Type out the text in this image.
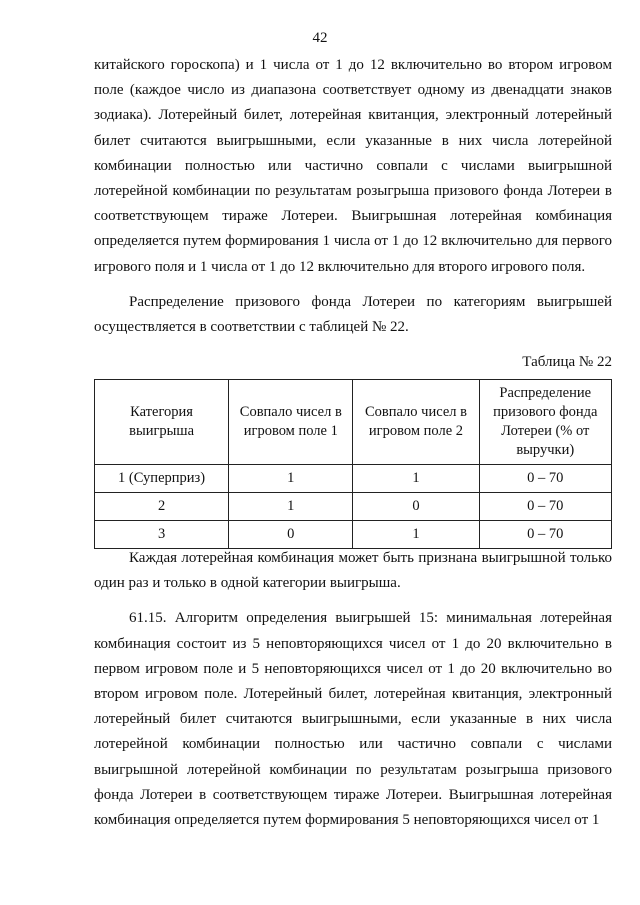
42

китайского гороскопа) и 1 числа от 1 до 12 включительно во втором игровом поле (каждое число из диапазона соответствует одному из двенадцати знаков зодиака). Лотерейный билет, лотерейная квитанция, электронный лотерейный билет считаются выигрышными, если указанные в них числа лотерейной комбинации полностью или частично совпали с числами выигрышной лотерейной комбинации по результатам розыгрыша призового фонда Лотереи в соответствующем тираже Лотереи. Выигрышная лотерейная комбинация определяется путем формирования 1 числа от 1 до 12 включительно для первого игрового поля и 1 числа от 1 до 12 включительно для второго игрового поля.

Распределение призового фонда Лотереи по категориям выигрышей осуществляется в соответствии с таблицей № 22.

Таблица № 22
Категория выигрыша	Совпало чисел в игровом поле 1	Совпало чисел в игровом поле 2	Распределение призового фонда Лотереи (% от выручки)
1 (Суперприз)	1	1	0 – 70
2	1	0	0 – 70
3	0	1	0 – 70

Каждая лотерейная комбинация может быть признана выигрышной только один раз и только в одной категории выигрыша.

61.15. Алгоритм определения выигрышей 15: минимальная лотерейная комбинация состоит из 5 неповторяющихся чисел от 1 до 20 включительно в первом игровом поле и 5 неповторяющихся чисел от 1 до 20 включительно во втором игровом поле. Лотерейный билет, лотерейная квитанция, электронный лотерейный билет считаются выигрышными, если указанные в них числа лотерейной комбинации полностью или частично совпали с числами выигрышной лотерейной комбинации по результатам розыгрыша призового фонда Лотереи в соответствующем тираже Лотереи. Выигрышная лотерейная комбинация определяется путем формирования 5 неповторяющихся чисел от 1
